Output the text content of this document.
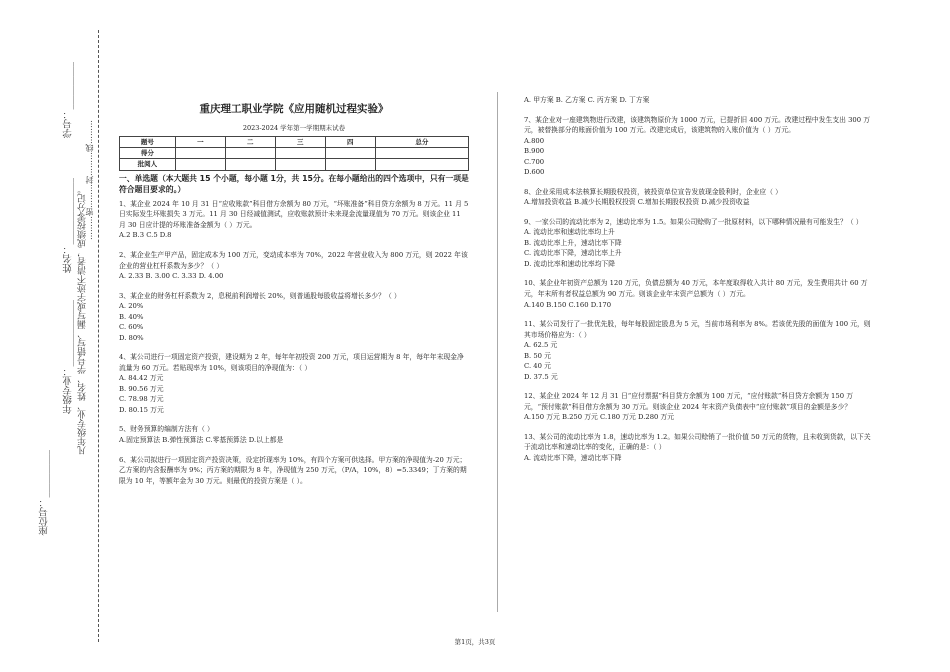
学号：__________
………密………封………线………
姓名：______________ 凡年级专业、姓名、学号错写、漏写或字迹不清者，成绩按零分记。
年级专业：______________
座位号：__________
重庆理工职业学院《应用随机过程实验》
2023-2024 学年第一学期期末试卷
题号	一	二	三	四	总分
得分					
批阅人					
一、单选题（本大题共 15 个小题，每小题 1分，共 15分。在每小题给出的四个选项中，只有一项是符合题目要求的。）

1、某企业 2024 年 10 月 31 日“应收账款”科目借方余额为 80 万元，“坏账准备”科目贷方余额为 8 万元。11 月 5 日实际发生坏账损失 3 万元。11 月 30 日经减值测试，应收账款预计未来现金流量现值为 70 万元。则该企业 11 月 30 日应计提的坏账准备金额为（ ）万元。

A.2 B.3 C.5 D.8

2、某企业生产甲产品，固定成本为 100 万元，变动成本率为 70%，2022 年营业收入为 800 万元，则 2022 年该企业的营业杠杆系数为多少？（ ）

A. 2.33 B. 3.00 C. 3.33 D. 4.00

3、某企业的财务杠杆系数为 2，息税前利润增长 20%，则普通股每股收益将增长多少？（ ）

A. 20%

B. 40%

C. 60%

D. 80%

4、某公司进行一项固定资产投资，建设期为 2 年，每年年初投资 200 万元，项目运营期为 8 年，每年年末现金净流量为 60 万元。若贴现率为 10%，则该项目的净现值为：（ ）

A. 84.42 万元

B. 90.56 万元

C. 78.98 万元

D. 80.15 万元

5、财务预算的编制方法有（ ）

A.固定预算法 B.弹性预算法 C.零基预算法 D.以上都是

6、某公司拟进行一项固定资产投资决策，设定折现率为 10%，有四个方案可供选择。甲方案的净现值为-20 万元；乙方案的内含报酬率为 9%；丙方案的期限为 8 年，净现值为 250 万元，（P/A，10%，8）=5.3349；丁方案的期限为 10 年，等额年金为 30 万元。则最优的投资方案是（ ）。

A. 甲方案 B. 乙方案 C. 丙方案 D. 丁方案

7、某企业对一座建筑物进行改建，该建筑物原价为 1000 万元，已提折旧 400 万元。改建过程中发生支出 300 万元，被替换部分的账面价值为 100 万元。改建完成后，该建筑物的入账价值为（ ）万元。

A.800

B.900

C.700

D.600

8、企业采用成本法核算长期股权投资，被投资单位宣告发放现金股利时，企业应（ ）

A.增加投资收益 B.减少长期股权投资 C.增加长期股权投资 D.减少投资收益

9、一家公司的流动比率为 2，速动比率为 1.5。如果公司赊购了一批原材料，以下哪种情况最有可能发生？（ ）

A. 流动比率和速动比率均上升

B. 流动比率上升，速动比率下降

C. 流动比率下降，速动比率上升

D. 流动比率和速动比率均下降

10、某企业年初资产总额为 120 万元，负债总额为 40 万元，本年度取得收入共计 80 万元，发生费用共计 60 万元，年末所有者权益总额为 90 万元。则该企业年末资产总额为（ ）万元。

A.140 B.150 C.160 D.170

11、某公司发行了一批优先股，每年每股固定股息为 5 元，当前市场利率为 8%。若该优先股的面值为 100 元，则其市场价格应为：（ ）

A. 62.5 元

B. 50 元

C. 40 元

D. 37.5 元

12、某企业 2024 年 12 月 31 日“应付票据”科目贷方余额为 100 万元，“应付账款”科目贷方余额为 150 万元，“预付账款”科目借方余额为 30 万元。则该企业 2024 年末资产负债表中“应付账款”项目的金额是多少？

A.150 万元 B.250 万元 C.180 万元 D.280 万元

13、某公司的流动比率为 1.8，速动比率为 1.2。如果公司赊销了一批价值 50 万元的货物，且未收到货款，以下关于流动比率和速动比率的变化，正确的是：（ ）

A. 流动比率下降，速动比率下降

第1页，共3页
